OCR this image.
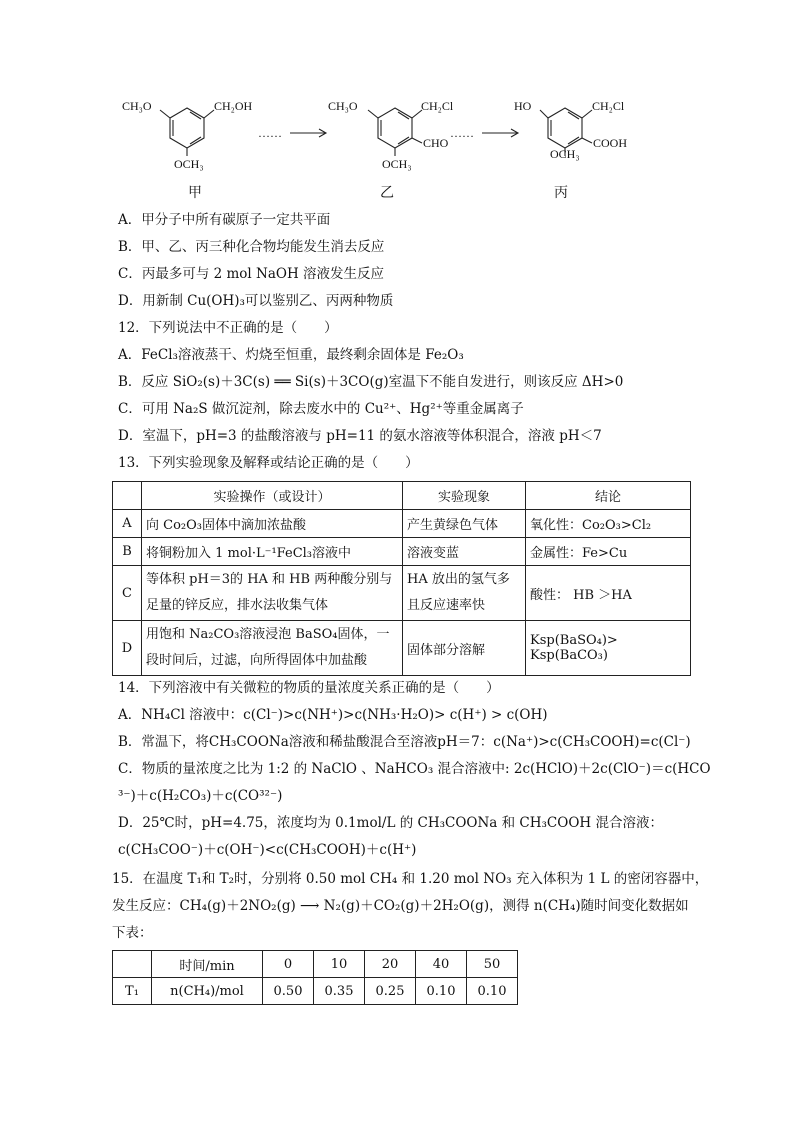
CH₃O	CH₂OH
OCH₃
CH₃O	CH₂Cl
CHO
OCH₃
HO	CH₂Cl
COOH
OCH₃
……	……
甲	乙	丙
A．甲分子中所有碳原子一定共平面
B．甲、乙、丙三种化合物均能发生消去反应
C．丙最多可与 2 mol NaOH 溶液发生反应
D．用新制 Cu(OH)₃可以鉴别乙、丙两种物质
12．下列说法中不正确的是（　　）
A．FeCl₃溶液蒸干、灼烧至恒重，最终剩余固体是 Fe₂O₃
B．反应 SiO₂(s)＋3C(s) ══ Si(s)＋3CO(g)室温下不能自发进行，则该反应 ΔH>0
C．可用 Na₂S 做沉淀剂，除去废水中的 Cu²⁺、Hg²⁺等重金属离子
D．室温下，pH=3 的盐酸溶液与 pH=11 的氨水溶液等体积混合，溶液 pH＜7
13．下列实验现象及解释或结论正确的是（　　）
	实验操作（或设计）	实验现象	结论
A	向 Co₂O₃固体中滴加浓盐酸	产生黄绿色气体	氧化性：Co₂O₃>Cl₂
B	将铜粉加入 1 mol·L⁻¹FeCl₃溶液中	溶液变蓝	金属性：Fe>Cu
C	等体积 pH＝3的 HA 和 HB 两种酸分别与足量的锌反应，排水法收集气体	HA 放出的氢气多且反应速率快	酸性： HB ＞HA
D	用饱和 Na₂CO₃溶液浸泡 BaSO₄固体，一段时间后，过滤，向所得固体中加盐酸	固体部分溶解	Ksp(BaSO₄)> Ksp(BaCO₃)
14．下列溶液中有关微粒的物质的量浓度关系正确的是（　　）
A．NH₄Cl 溶液中：c(Cl⁻)>c(NH⁺)>c(NH₃·H₂O)> c(H⁺) > c(OH)
B．常温下，将CH₃COONa溶液和稀盐酸混合至溶液pH＝7：c(Na⁺)>c(CH₃COOH)=c(Cl⁻)
C．物质的量浓度之比为 1:2 的 NaClO 、NaHCO₃ 混合溶液中: 2c(HClO)＋2c(ClO⁻)＝c(HCO
³⁻)＋c(H₂CO₃)＋c(CO³²⁻)
D．25℃时，pH=4.75，浓度均为 0.1mol/L 的 CH₃COONa 和 CH₃COOH 混合溶液：
c(CH₃COO⁻)＋c(OH⁻)<c(CH₃COOH)＋c(H⁺)
15．在温度 T₁和 T₂时，分别将 0.50 mol CH₄ 和 1.20 mol NO₃ 充入体积为 1 L 的密闭容器中，
发生反应：CH₄(g)＋2NO₂(g) ⟶ N₂(g)＋CO₂(g)＋2H₂O(g)，测得 n(CH₄)随时间变化数据如
下表：
	时间/min	0	10	20	40	50
T₁	n(CH₄)/mol	0.50	0.35	0.25	0.10	0.10
